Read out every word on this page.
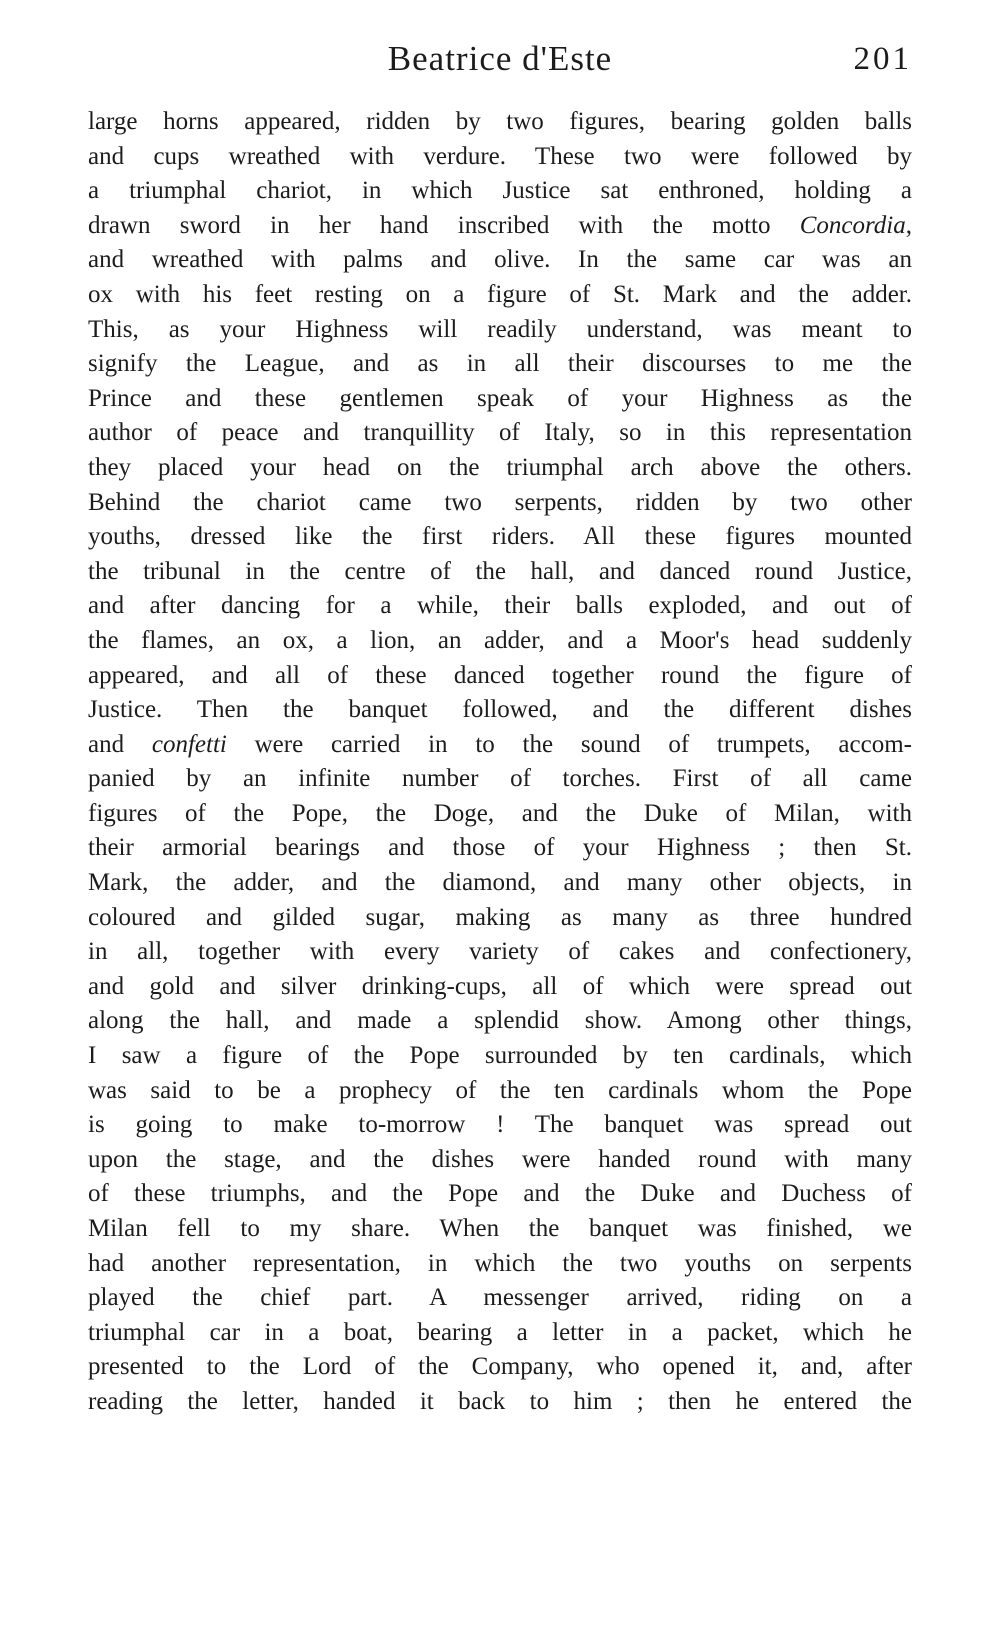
Beatrice d'Este	201
large horns appeared, ridden by two figures, bearing golden balls
and cups wreathed with verdure. These two were followed by
a triumphal chariot, in which Justice sat enthroned, holding a
drawn sword in her hand inscribed with the motto Concordia,
and wreathed with palms and olive. In the same car was an
ox with his feet resting on a figure of St. Mark and the adder.
This, as your Highness will readily understand, was meant to
signify the League, and as in all their discourses to me the
Prince and these gentlemen speak of your Highness as the
author of peace and tranquillity of Italy, so in this representation
they placed your head on the triumphal arch above the others.
Behind the chariot came two serpents, ridden by two other
youths, dressed like the first riders. All these figures mounted
the tribunal in the centre of the hall, and danced round Justice,
and after dancing for a while, their balls exploded, and out of
the flames, an ox, a lion, an adder, and a Moor's head suddenly
appeared, and all of these danced together round the figure of
Justice. Then the banquet followed, and the different dishes
and confetti were carried in to the sound of trumpets, accom-
panied by an infinite number of torches. First of all came
figures of the Pope, the Doge, and the Duke of Milan, with
their armorial bearings and those of your Highness ; then St.
Mark, the adder, and the diamond, and many other objects, in
coloured and gilded sugar, making as many as three hundred
in all, together with every variety of cakes and confectionery,
and gold and silver drinking-cups, all of which were spread out
along the hall, and made a splendid show. Among other things,
I saw a figure of the Pope surrounded by ten cardinals, which
was said to be a prophecy of the ten cardinals whom the Pope
is going to make to-morrow ! The banquet was spread out
upon the stage, and the dishes were handed round with many
of these triumphs, and the Pope and the Duke and Duchess of
Milan fell to my share. When the banquet was finished, we
had another representation, in which the two youths on serpents
played the chief part. A messenger arrived, riding on a
triumphal car in a boat, bearing a letter in a packet, which he
presented to the Lord of the Company, who opened it, and, after
reading the letter, handed it back to him ; then he entered the
